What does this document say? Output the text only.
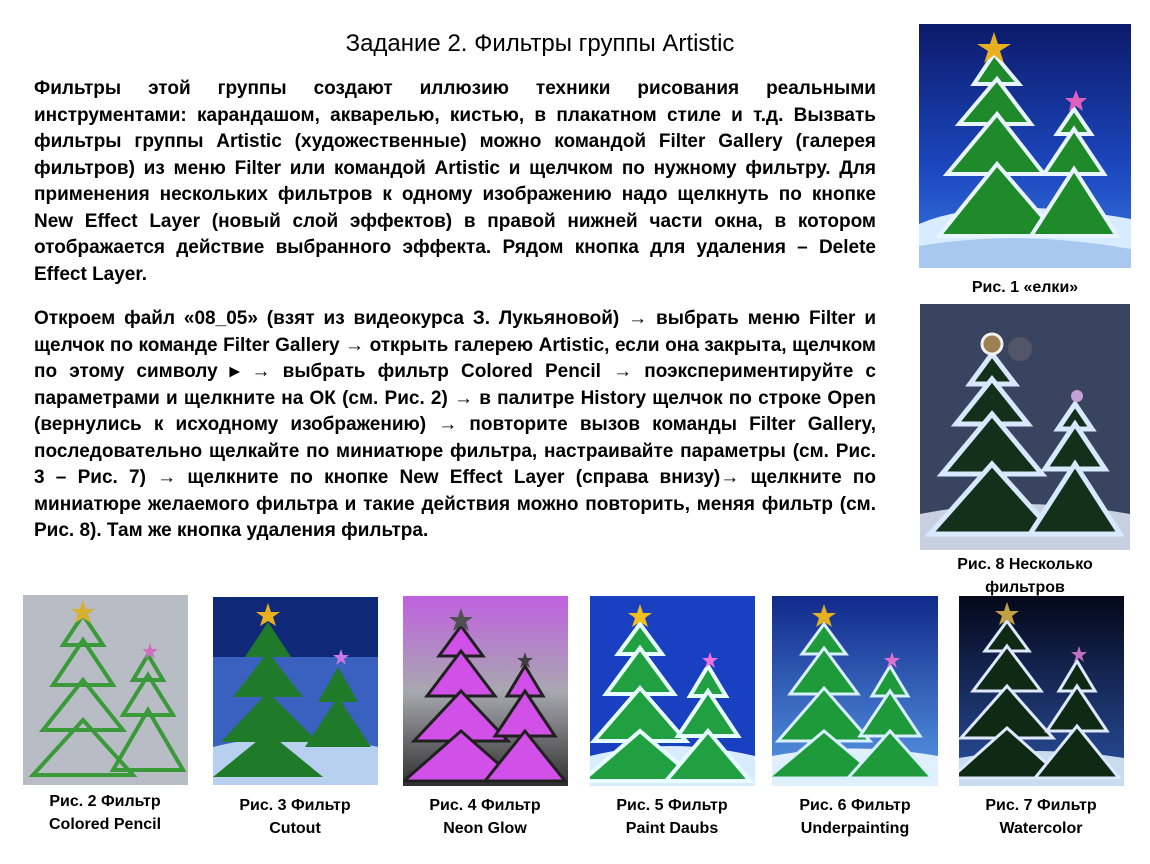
Задание 2. Фильтры группы Artistic

Фильтры этой группы создают иллюзию техники рисования реальными инструментами: карандашом, акварелью, кистью, в плакатном стиле и т.д. Вызвать фильтры группы Artistic (художественные) можно командой Filter Gallery (галерея фильтров) из меню Filter или командой Artistic и щелчком по нужному фильтру. Для применения нескольких фильтров к одному изображению надо щелкнуть по кнопке New Effect Layer (новый слой эффектов) в правой нижней части окна, в котором отображается действие выбранного эффекта. Рядом кнопка для удаления – Delete Effect Layer.

Откроем файл «08_05» (взят из видеокурса З. Лукьяновой) → выбрать меню Filter и щелчок по команде Filter Gallery → открыть галерею Artistic, если она закрыта, щелчком по этому символу ▸ → выбрать фильтр Colored Pencil → поэкспериментируйте с параметрами и щелкните на ОК (см. Рис. 2) → в палитре History щелчок по строке Open (вернулись к исходному изображению) → повторите вызов команды Filter Gallery, последовательно щелкайте по миниатюре фильтра, настраивайте параметры (см. Рис. 3 – Рис. 7) → щелкните по кнопке New Effect Layer (справа внизу)→ щелкните по миниатюре желаемого фильтра и такие действия можно повторить, меняя фильтр (см. Рис. 8). Там же кнопка удаления фильтра.

Рис. 1 «елки»
Рис. 8 Несколько фильтров
Рис. 2 Фильтр
Colored Pencil
Рис. 3 Фильтр
Cutout
Рис. 4 Фильтр
Neon Glow
Рис. 5 Фильтр
Paint Daubs
Рис. 6 Фильтр
Underpainting
Рис. 7 Фильтр
Watercolor
